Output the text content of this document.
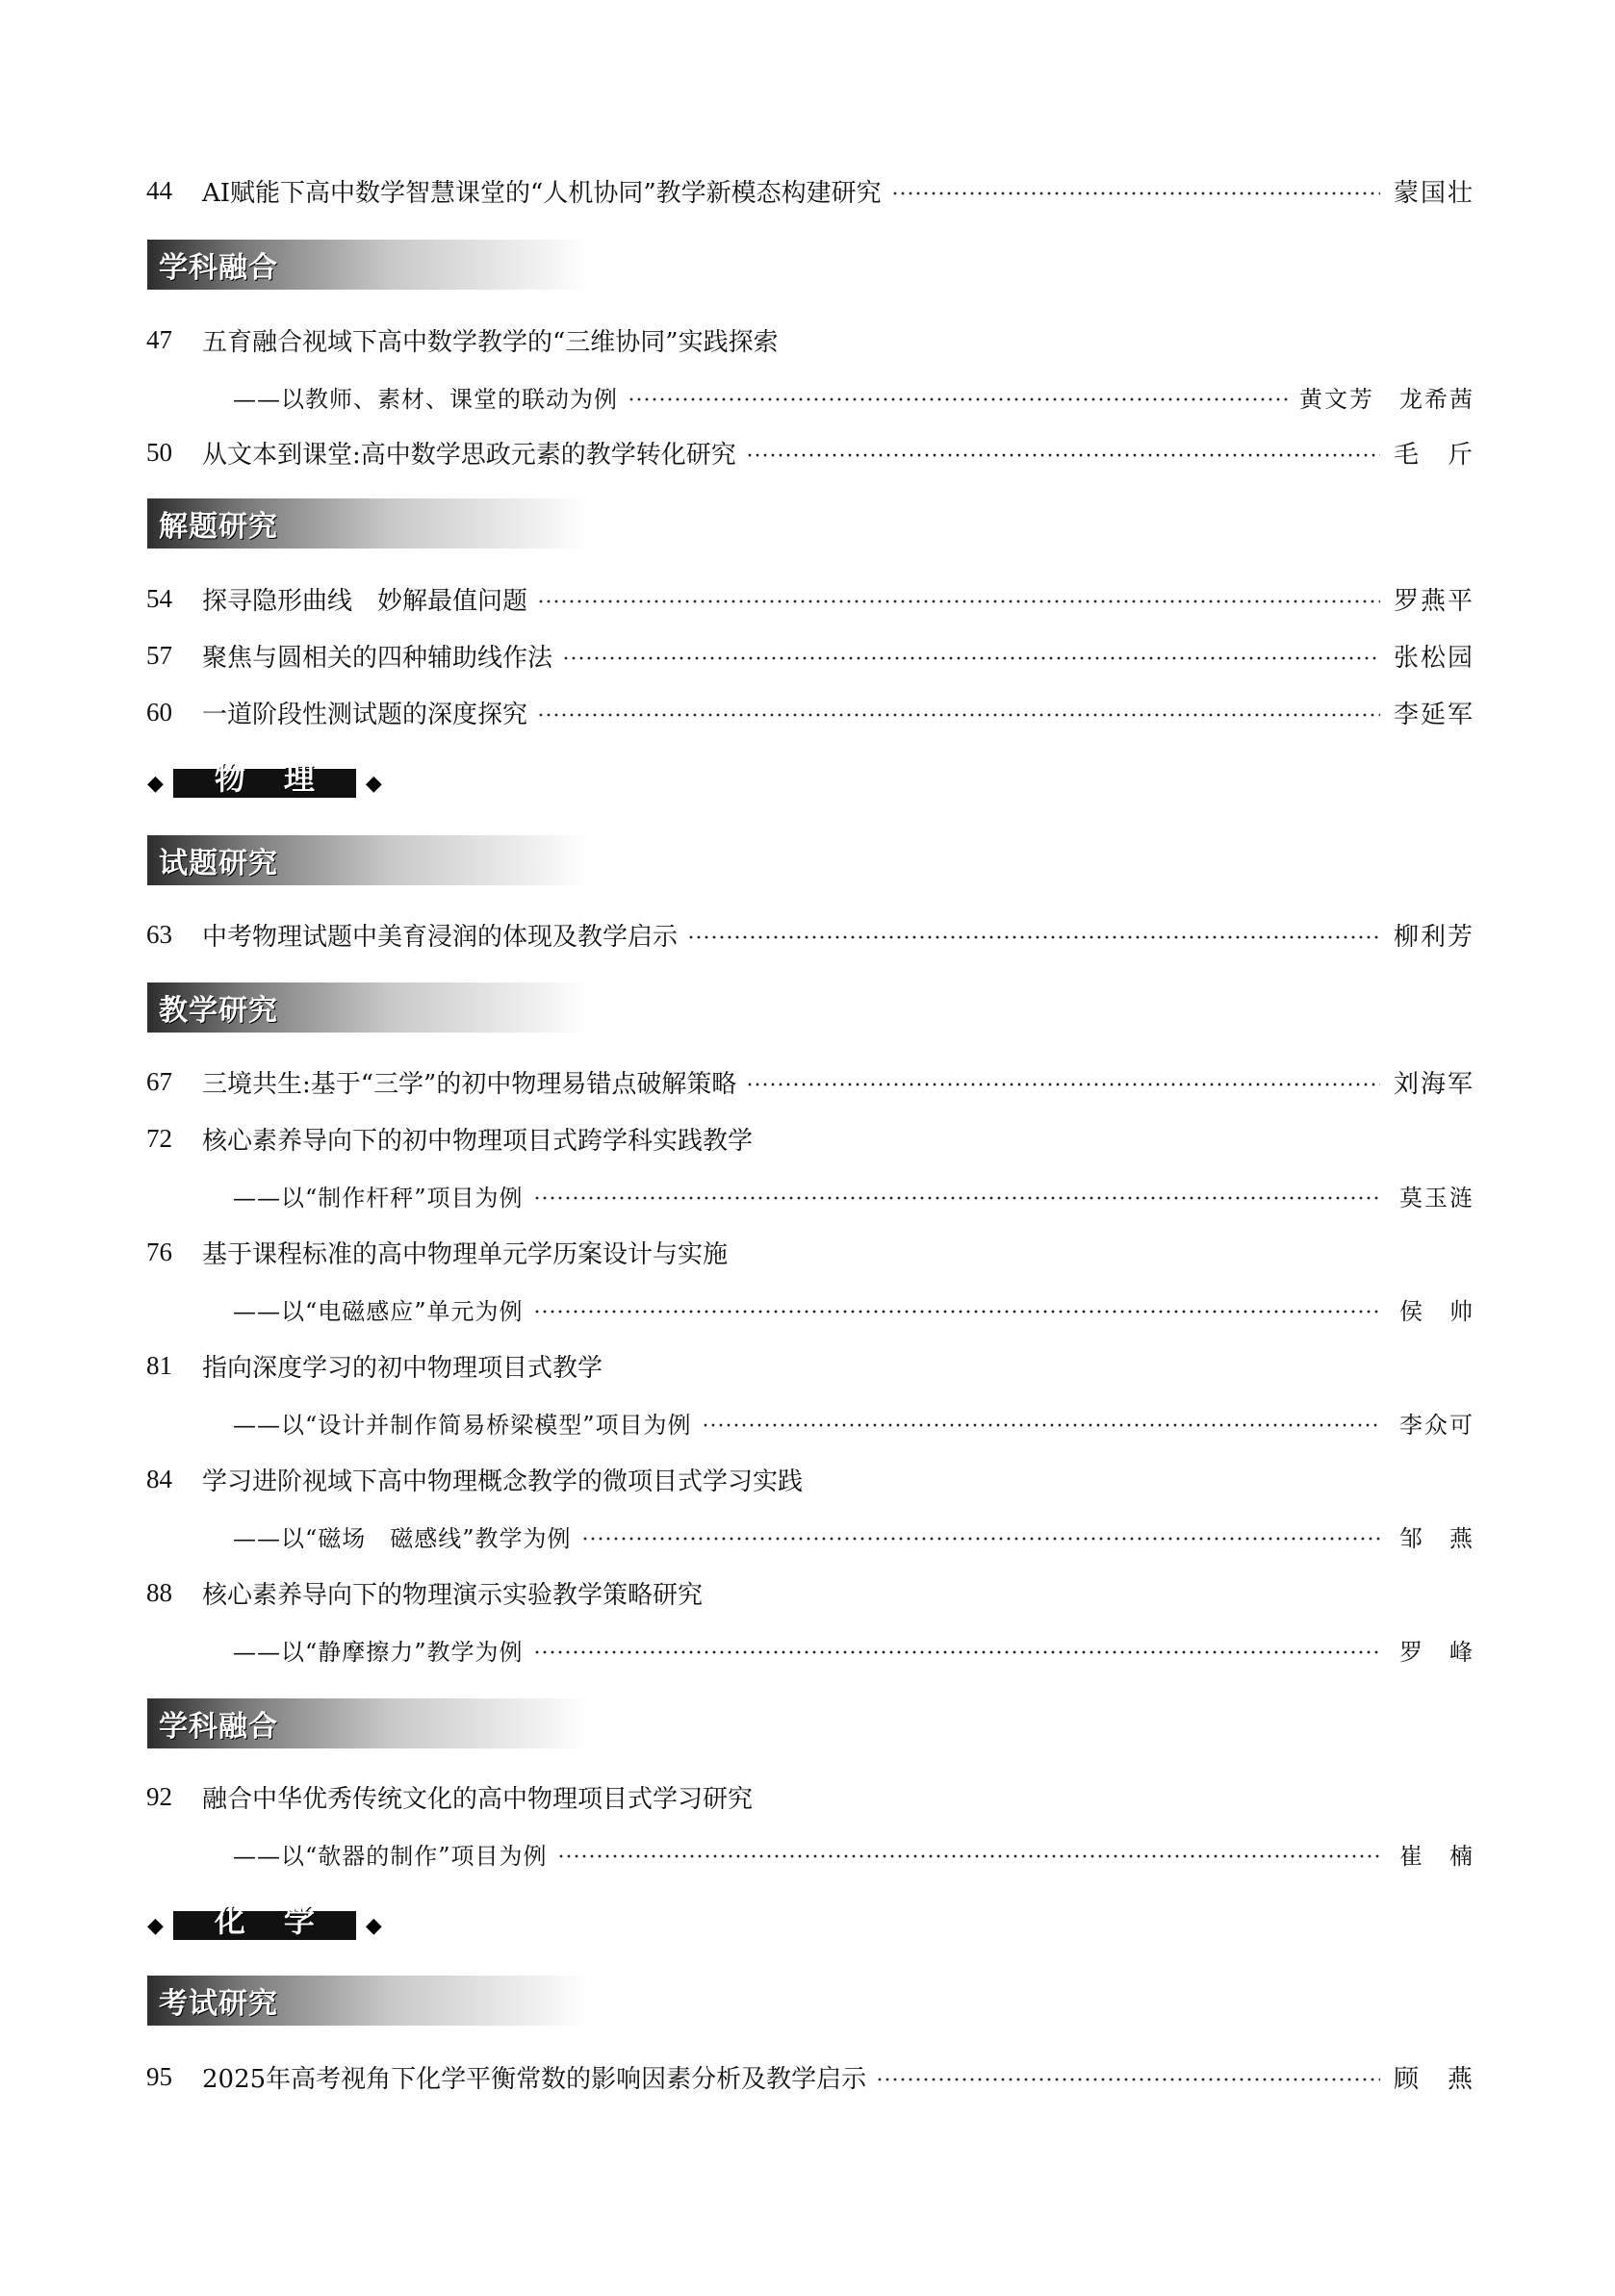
44	AI赋能下高中数学智慧课堂的“人机协同”教学新模态构建研究	蒙国壮
学科融合
47	五育融合视域下高中数学教学的“三维协同”实践探索
——以教师、素材、课堂的联动为例	黄文芳　龙希茜
50	从文本到课堂:高中数学思政元素的教学转化研究	毛　斤
解题研究
54	探寻隐形曲线　妙解最值问题	罗燕平
57	聚焦与圆相关的四种辅助线作法	张松园
60	一道阶段性测试题的深度探究	李延军
◆ 物理 ◆
试题研究
63	中考物理试题中美育浸润的体现及教学启示	柳利芳
教学研究
67	三境共生:基于“三学”的初中物理易错点破解策略	刘海军
72	核心素养导向下的初中物理项目式跨学科实践教学
——以“制作杆秤”项目为例	莫玉涟
76	基于课程标准的高中物理单元学历案设计与实施
——以“电磁感应”单元为例	侯　帅
81	指向深度学习的初中物理项目式教学
——以“设计并制作简易桥梁模型”项目为例	李众可
84	学习进阶视域下高中物理概念教学的微项目式学习实践
——以“磁场　磁感线”教学为例	邹　燕
88	核心素养导向下的物理演示实验教学策略研究
——以“静摩擦力”教学为例	罗　峰
学科融合
92	融合中华优秀传统文化的高中物理项目式学习研究
——以“欹器的制作”项目为例	崔　楠
◆ 化学 ◆
考试研究
95	2025年高考视角下化学平衡常数的影响因素分析及教学启示	顾　燕
